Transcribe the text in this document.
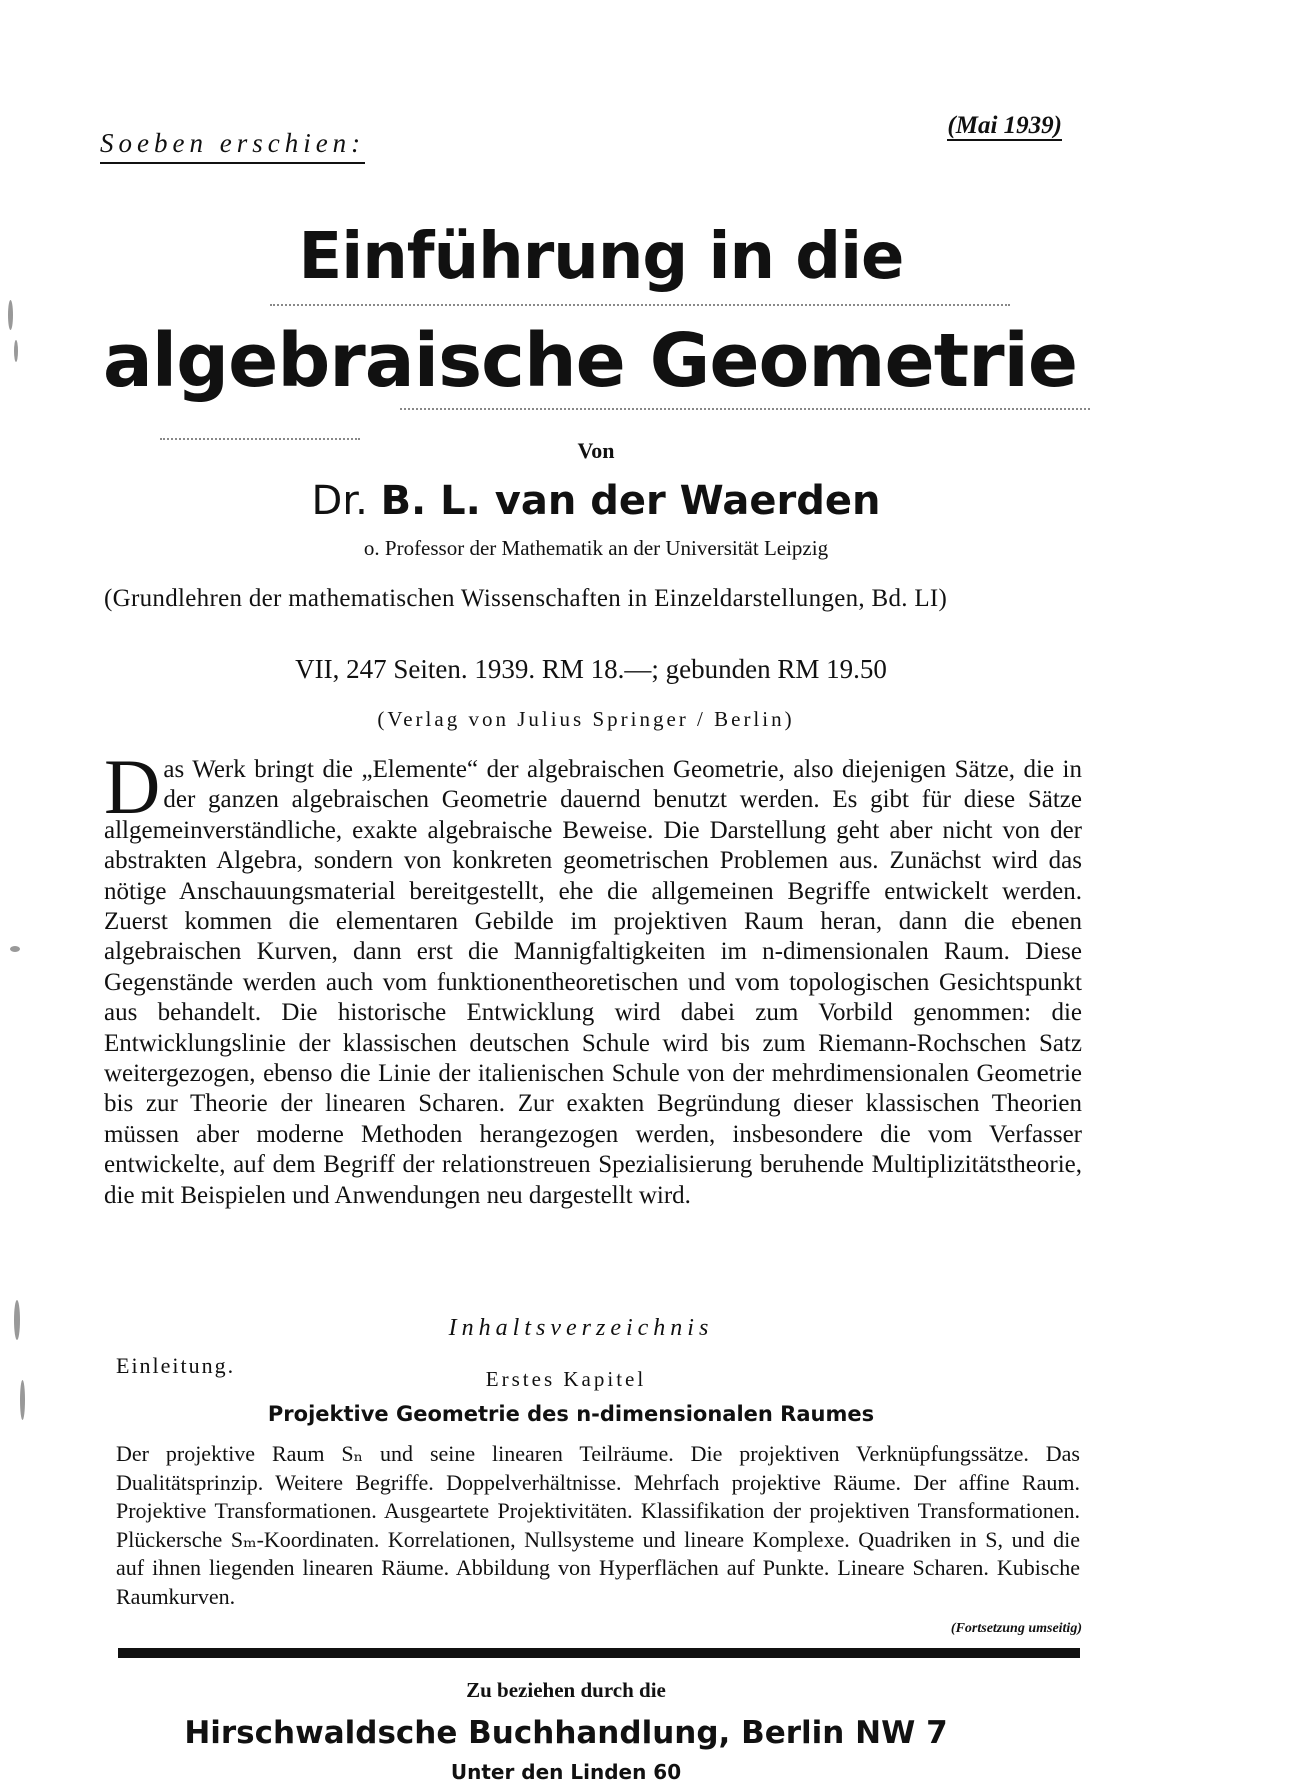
Soeben erschien:
(Mai 1939)
Einführung in die
algebraische Geometrie
Von
Dr. B. L. van der Waerden
o. Professor der Mathematik an der Universität Leipzig
(Grundlehren der mathematischen Wissenschaften in Einzeldarstellungen, Bd. LI)
VII, 247 Seiten. 1939. RM 18.—; gebunden RM 19.50
(Verlag von Julius Springer / Berlin)
Das Werk bringt die „Elemente“ der algebraischen Geometrie, also diejenigen Sätze, die in der ganzen algebraischen Geometrie dauernd benutzt werden. Es gibt für diese Sätze allgemeinverständliche, exakte algebraische Beweise. Die Darstellung geht aber nicht von der abstrakten Algebra, sondern von konkreten geometrischen Problemen aus. Zunächst wird das nötige Anschauungsmaterial bereitgestellt, ehe die allgemeinen Begriffe entwickelt werden. Zuerst kommen die elementaren Gebilde im projektiven Raum heran, dann die ebenen algebraischen Kurven, dann erst die Mannigfaltigkeiten im n-dimensionalen Raum. Diese Gegenstände werden auch vom funktionentheoretischen und vom topologischen Gesichtspunkt aus behandelt. Die historische Entwicklung wird dabei zum Vorbild genommen: die Entwicklungslinie der klassischen deutschen Schule wird bis zum Riemann-Rochschen Satz weitergezogen, ebenso die Linie der italienischen Schule von der mehrdimensionalen Geometrie bis zur Theorie der linearen Scharen. Zur exakten Begründung dieser klassischen Theorien müssen aber moderne Methoden herangezogen werden, insbesondere die vom Verfasser entwickelte, auf dem Begriff der relationstreuen Spezialisierung beruhende Multiplizitätstheorie, die mit Beispielen und Anwendungen neu dargestellt wird.
Inhaltsverzeichnis
Einleitung.
Erstes Kapitel
Projektive Geometrie des n-dimensionalen Raumes
Der projektive Raum Sₙ und seine linearen Teilräume. Die projektiven Verknüpfungssätze. Das Dualitätsprinzip. Weitere Begriffe. Doppelverhältnisse. Mehrfach projektive Räume. Der affine Raum. Projektive Transformationen. Ausgeartete Projektivitäten. Klassifikation der projektiven Transformationen. Plückersche Sₘ-Koordinaten. Korrelationen, Nullsysteme und lineare Komplexe. Quadriken in S, und die auf ihnen liegenden linearen Räume. Abbildung von Hyperflächen auf Punkte. Lineare Scharen. Kubische Raumkurven.
(Fortsetzung umseitig)
Zu beziehen durch die
Hirschwaldsche Buchhandlung, Berlin NW 7
Unter den Linden 60
